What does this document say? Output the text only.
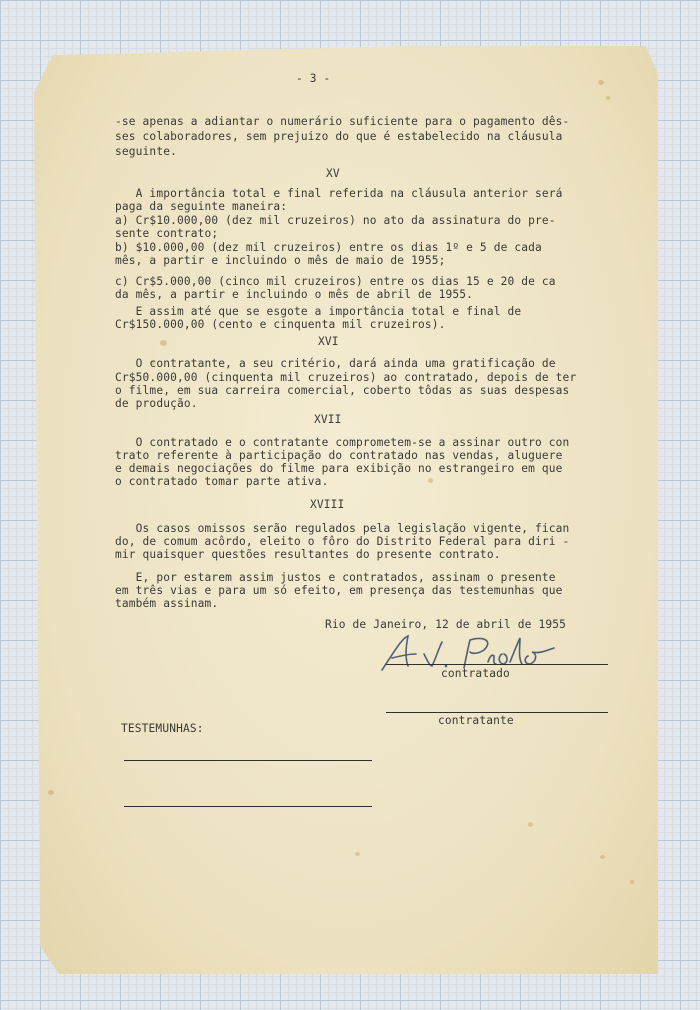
- 3 -
-se apenas a adiantar o numerário suficiente para o pagamento dês-
ses colaboradores, sem prejuizo do que é estabelecido na cláusula
seguinte.
XV
A importância total e final referida na cláusula anterior será
paga da seguinte maneira:
a) Cr$10.000,00 (dez mil cruzeiros) no ato da assinatura do pre-
sente contrato;
b) $10.000,00 (dez mil cruzeiros) entre os dias 1º e 5 de cada
mês, a partir e incluindo o mês de maio de 1955;
c) Cr$5.000,00 (cinco mil cruzeiros) entre os dias 15 e 20 de ca
da mês, a partir e incluindo o mês de abril de 1955.
E assim até que se esgote a importância total e final de
Cr$150.000,00 (cento e cinquenta mil cruzeiros).
XVI
O contratante, a seu critério, dará ainda uma gratificação de
Cr$50.000,00 (cinquenta mil cruzeiros) ao contratado, depois de ter
o filme, em sua carreira comercial, coberto tôdas as suas despesas
de produção.
XVII
O contratado e o contratante comprometem-se a assinar outro con
trato referente à participação do contratado nas vendas, aluguere
e demais negociações do filme para exibição no estrangeiro em que
o contratado tomar parte ativa.
XVIII
Os casos omissos serão regulados pela legislação vigente, fican
do, de comum acôrdo, eleito o fôro do Distrito Federal para diri -
mir quaisquer questões resultantes do presente contrato.
E, por estarem assim justos e contratados, assinam o presente
em três vias e para um só efeito, em presença das testemunhas que
também assinam.
Rio de Janeiro, 12 de abril de 1955
contratado
contratante
TESTEMUNHAS:
